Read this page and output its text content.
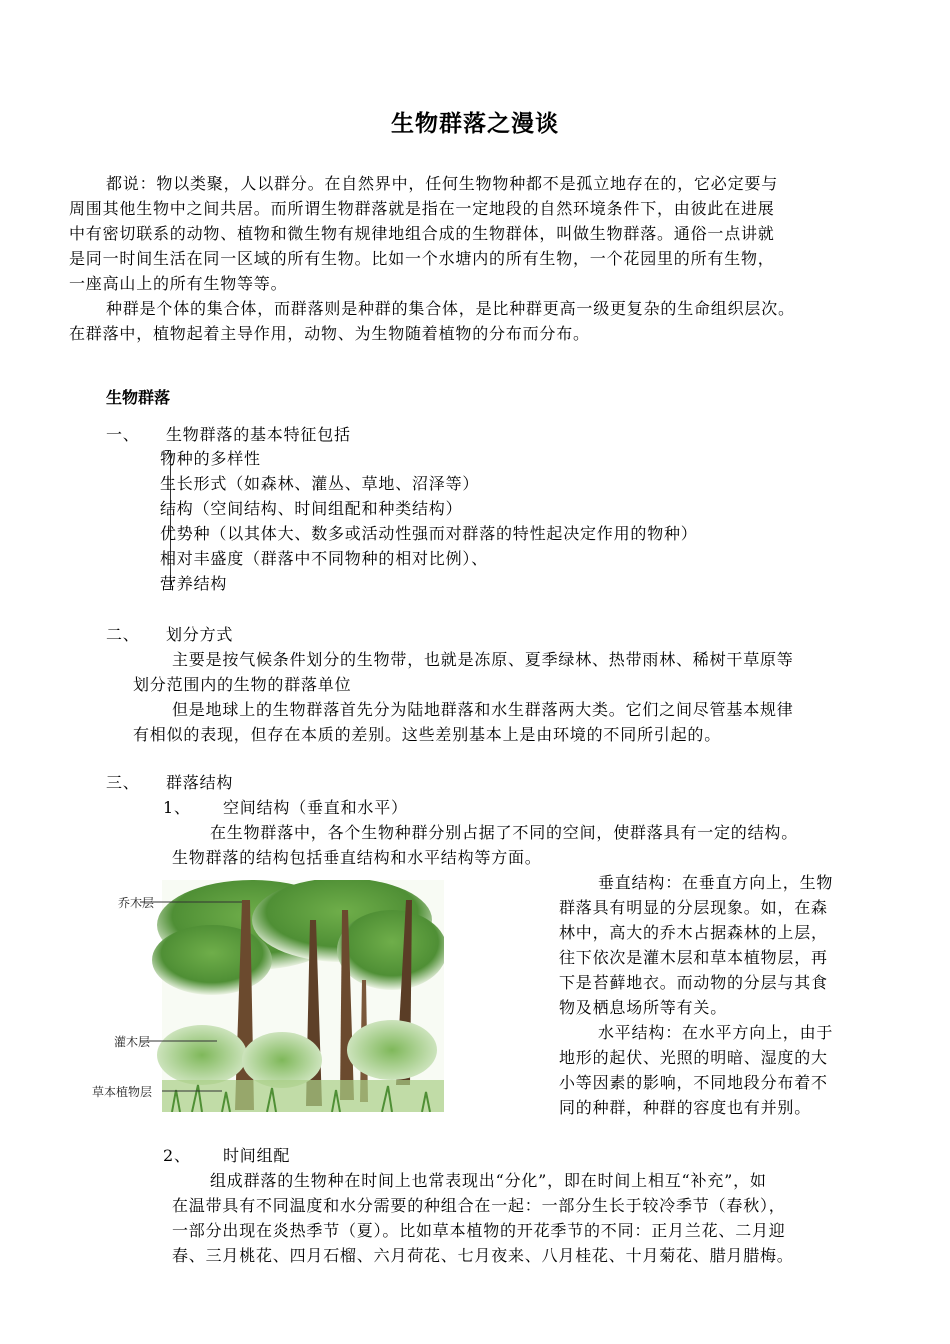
生物群落之漫谈
都说：物以类聚，人以群分。在自然界中，任何生物物种都不是孤立地存在的，它必定要与
周围其他生物中之间共居。而所谓生物群落就是指在一定地段的自然环境条件下，由彼此在进展
中有密切联系的动物、植物和微生物有规律地组合成的生物群体，叫做生物群落。通俗一点讲就
是同一时间生活在同一区域的所有生物。比如一个水塘内的所有生物，一个花园里的所有生物，
一座高山上的所有生物等等。
种群是个体的集合体，而群落则是种群的集合体，是比种群更高一级更复杂的生命组织层次。
在群落中，植物起着主导作用，动物、为生物随着植物的分布而分布。
生物群落
一、 生物群落的基本特征包括
物种的多样性
生长形式（如森林、灌丛、草地、沼泽等）
结构（空间结构、时间组配和种类结构）
优势种（以其体大、数多或活动性强而对群落的特性起决定作用的物种）
相对丰盛度（群落中不同物种的相对比例）、
营养结构
二、 划分方式
主要是按气候条件划分的生物带，也就是冻原、夏季绿林、热带雨林、稀树干草原等
划分范围内的生物的群落单位
但是地球上的生物群落首先分为陆地群落和水生群落两大类。它们之间尽管基本规律
有相似的表现，但存在本质的差别。这些差别基本上是由环境的不同所引起的。
三、 群落结构
1、 空间结构（垂直和水平）
在生物群落中，各个生物种群分别占据了不同的空间，使群落具有一定的结构。
生物群落的结构包括垂直结构和水平结构等方面。
乔木层
灌木层
草本植物层
垂直结构：在垂直方向上，生物
群落具有明显的分层现象。如，在森
林中，高大的乔木占据森林的上层，
往下依次是灌木层和草本植物层，再
下是苔藓地衣。而动物的分层与其食
物及栖息场所等有关。
水平结构：在水平方向上，由于
地形的起伏、光照的明暗、湿度的大
小等因素的影响，不同地段分布着不
同的种群，种群的容度也有并别。
2、 时间组配
组成群落的生物种在时间上也常表现出“分化”，即在时间上相互“补充”，如
在温带具有不同温度和水分需要的种组合在一起：一部分生长于较冷季节（春秋），
一部分出现在炎热季节（夏）。比如草本植物的开花季节的不同：正月兰花、二月迎
春、三月桃花、四月石榴、六月荷花、七月夜来、八月桂花、十月菊花、腊月腊梅。
